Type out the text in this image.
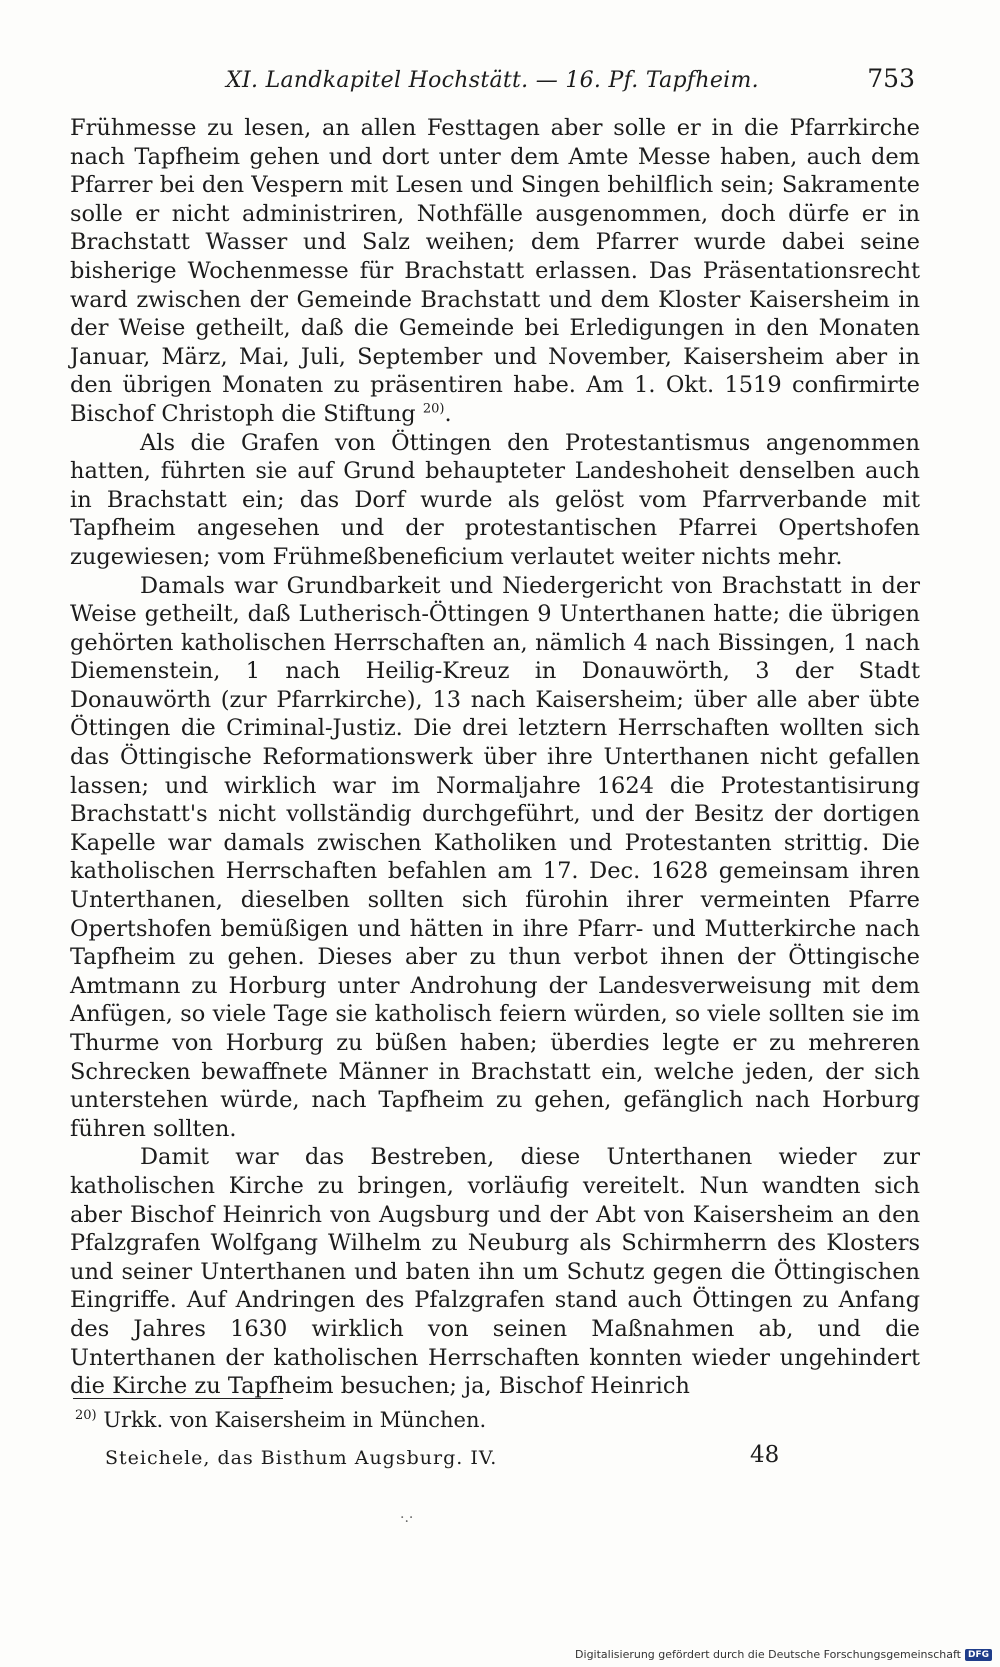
XI. Landkapitel Hochstätt. — 16. Pf. Tapfheim.	753

Frühmesse zu lesen, an allen Festtagen aber solle er in die Pfarrkirche nach Tapfheim gehen und dort unter dem Amte Messe haben, auch dem Pfarrer bei den Vespern mit Lesen und Singen behilflich sein; Sakramente solle er nicht administriren, Nothfälle ausgenommen, doch dürfe er in Brachstatt Wasser und Salz weihen; dem Pfarrer wurde dabei seine bisherige Wochenmesse für Brachstatt erlassen. Das Präsentationsrecht ward zwischen der Gemeinde Brachstatt und dem Kloster Kaisersheim in der Weise getheilt, daß die Gemeinde bei Erledigungen in den Monaten Januar, März, Mai, Juli, September und November, Kaisersheim aber in den übrigen Monaten zu präsentiren habe. Am 1. Okt. 1519 confirmirte Bischof Christoph die Stiftung $^{20)}$.

Als die Grafen von Öttingen den Protestantismus angenommen hatten, führten sie auf Grund behaupteter Landeshoheit denselben auch in Brachstatt ein; das Dorf wurde als gelöst vom Pfarrverbande mit Tapfheim angesehen und der protestantischen Pfarrei Opertshofen zugewiesen; vom Frühmeßbeneficium verlautet weiter nichts mehr.

Damals war Grundbarkeit und Niedergericht von Brachstatt in der Weise getheilt, daß Lutherisch-Öttingen 9 Unterthanen hatte; die übrigen gehörten katholischen Herrschaften an, nämlich 4 nach Bissingen, 1 nach Diemenstein, 1 nach Heilig-Kreuz in Donauwörth, 3 der Stadt Donauwörth (zur Pfarrkirche), 13 nach Kaisersheim; über alle aber übte Öttingen die Criminal-Justiz. Die drei letztern Herrschaften wollten sich das Öttingische Reformationswerk über ihre Unterthanen nicht gefallen lassen; und wirklich war im Normaljahre 1624 die Protestantisirung Brachstatt's nicht vollständig durchgeführt, und der Besitz der dortigen Kapelle war damals zwischen Katholiken und Protestanten strittig. Die katholischen Herrschaften befahlen am 17. Dec. 1628 gemeinsam ihren Unterthanen, dieselben sollten sich fürohin ihrer vermeinten Pfarre Opertshofen bemüßigen und hätten in ihre Pfarr- und Mutterkirche nach Tapfheim zu gehen. Dieses aber zu thun verbot ihnen der Öttingische Amtmann zu Horburg unter Androhung der Landesverweisung mit dem Anfügen, so viele Tage sie katholisch feiern würden, so viele sollten sie im Thurme von Horburg zu büßen haben; überdies legte er zu mehreren Schrecken bewaffnete Männer in Brachstatt ein, welche jeden, der sich unterstehen würde, nach Tapfheim zu gehen, gefänglich nach Horburg führen sollten.

Damit war das Bestreben, diese Unterthanen wieder zur katholischen Kirche zu bringen, vorläufig vereitelt. Nun wandten sich aber Bischof Heinrich von Augsburg und der Abt von Kaisersheim an den Pfalzgrafen Wolfgang Wilhelm zu Neuburg als Schirmherrn des Klosters und seiner Unterthanen und baten ihn um Schutz gegen die Öttingischen Eingriffe. Auf Andringen des Pfalzgrafen stand auch Öttingen zu Anfang des Jahres 1630 wirklich von seinen Maßnahmen ab, und die Unterthanen der katholischen Herrschaften konnten wieder ungehindert die Kirche zu Tapfheim besuchen; ja, Bischof Heinrich

$^{20)}$ Urkk. von Kaisersheim in München.
Steichele, das Bisthum Augsburg. IV.	48
·.·
Digitalisierung gefördert durch die Deutsche Forschungsgemeinschaft DFG
